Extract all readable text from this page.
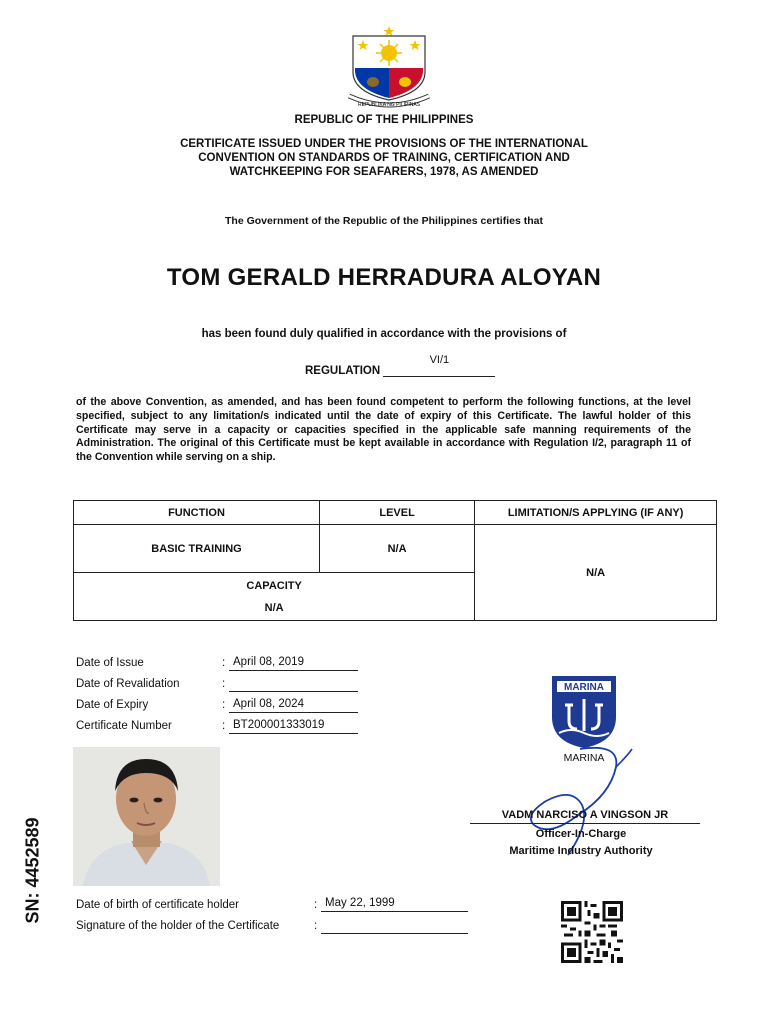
REPUBLIKA NG PILIPINAS
REPUBLIC OF THE PHILIPPINES
CERTIFICATE ISSUED UNDER THE PROVISIONS OF THE INTERNATIONAL
CONVENTION ON STANDARDS OF TRAINING, CERTIFICATION AND
WATCHKEEPING FOR SEAFARERS, 1978, AS AMENDED
The Government of the Republic of the Philippines certifies that
TOM GERALD HERRADURA ALOYAN
has been found duly qualified in accordance with the provisions of
REGULATION
VI/1
of the above Convention, as amended, and has been found competent to perform the following functions, at the level specified, subject to any limitation/s indicated until the date of expiry of this Certificate. The lawful holder of this Certificate may serve in a capacity or capacities specified in the applicable safe manning requirements of the Administration. The original of this Certificate must be kept available in accordance with Regulation I/2, paragraph 11 of the Convention while serving on a ship.
FUNCTION	LEVEL	LIMITATION/S APPLYING (IF ANY)
BASIC TRAINING	N/A	N/A

CAPACITY
N/A		
Date of Issue	: April 08, 2019
Date of Revalidation	:
Date of Expiry	: April 08, 2024
Certificate Number	: BT200001333019
SN: 4452589
MARINA
MARINA
VADM NARCISO A VINGSON JR
Officer-In-Charge
Maritime Industry Authority
Date of birth of certificate holder	: May 22, 1999
Signature of the holder of the Certificate	:
